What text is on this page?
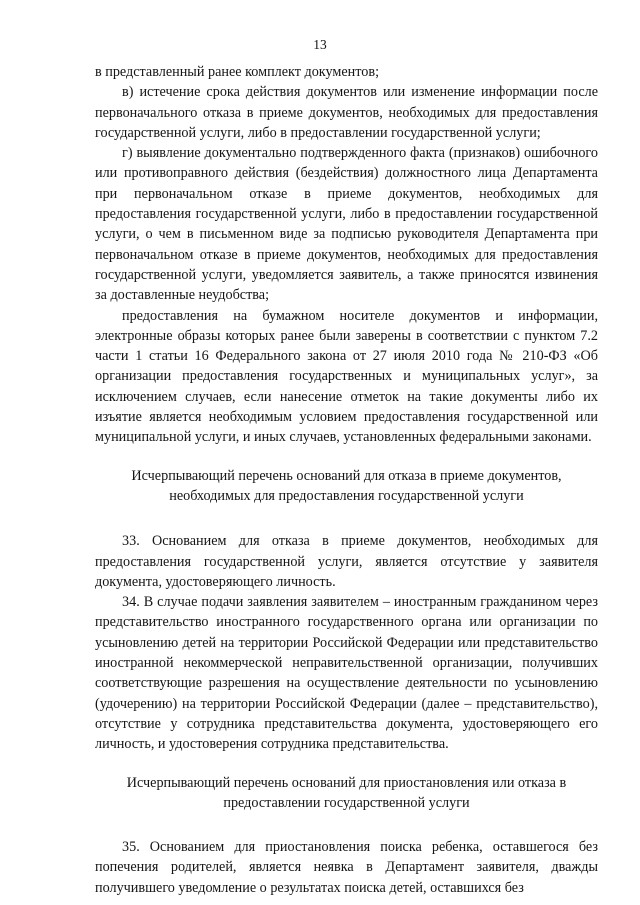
13

в представленный ранее комплект документов;

в) истечение срока действия документов или изменение информации после первоначального отказа в приеме документов, необходимых для предоставления государственной услуги, либо в предоставлении государственной услуги;

г) выявление документально подтвержденного факта (признаков) ошибочного или противоправного действия (бездействия) должностного лица Департамента при первоначальном отказе в приеме документов, необходимых для предоставления государственной услуги, либо в предоставлении государственной услуги, о чем в письменном виде за подписью руководителя Департамента при первоначальном отказе в приеме документов, необходимых для предоставления государственной услуги, уведомляется заявитель, а также приносятся извинения за доставленные неудобства;

предоставления на бумажном носителе документов и информации, электронные образы которых ранее были заверены в соответствии с пунктом 7.2 части 1 статьи 16 Федерального закона от 27 июля 2010 года № 210-ФЗ «Об организации предоставления государственных и муниципальных услуг», за исключением случаев, если нанесение отметок на такие документы либо их изъятие является необходимым условием предоставления государственной или муниципальной услуги, и иных случаев, установленных федеральными законами.

Исчерпывающий перечень оснований для отказа в приеме документов, необходимых для предоставления государственной услуги

33. Основанием для отказа в приеме документов, необходимых для предоставления государственной услуги, является отсутствие у заявителя документа, удостоверяющего личность.

34. В случае подачи заявления заявителем – иностранным гражданином через представительство иностранного государственного органа или организации по усыновлению детей на территории Российской Федерации или представительство иностранной некоммерческой неправительственной организации, получивших соответствующие разрешения на осуществление деятельности по усыновлению (удочерению) на территории Российской Федерации (далее – представительство), отсутствие у сотрудника представительства документа, удостоверяющего его личность, и удостоверения сотрудника представительства.

Исчерпывающий перечень оснований для приостановления или отказа в предоставлении государственной услуги

35. Основанием для приостановления поиска ребенка, оставшегося без попечения родителей, является неявка в Департамент заявителя, дважды получившего уведомление о результатах поиска детей, оставшихся без
